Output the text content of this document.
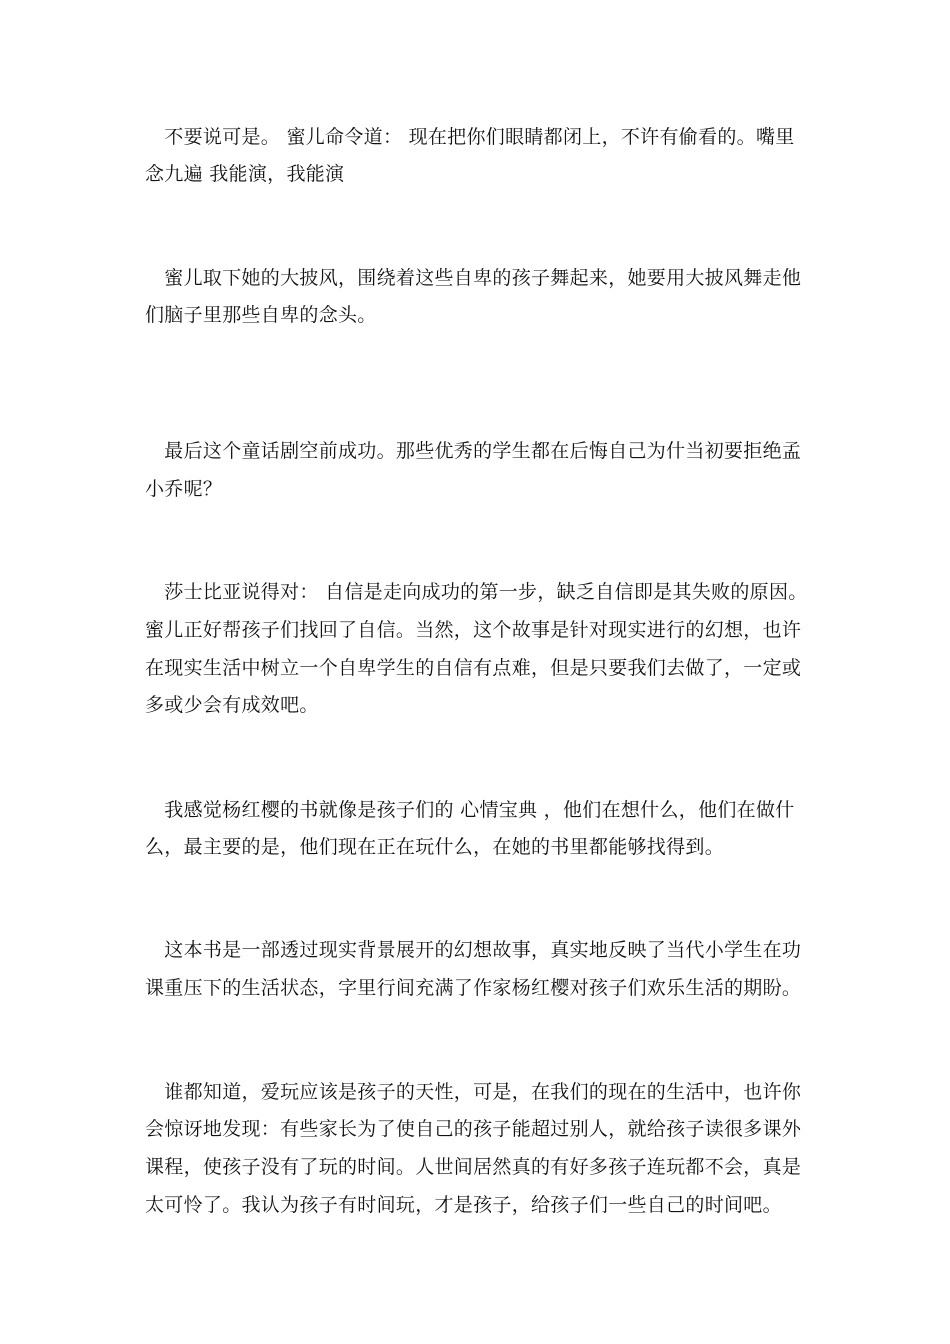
　不要说可是。 蜜儿命令道： 现在把你们眼睛都闭上，不许有偷看的。嘴里
念九遍 我能演，我能演
　蜜儿取下她的大披风，围绕着这些自卑的孩子舞起来，她要用大披风舞走他
们脑子里那些自卑的念头。
　最后这个童话剧空前成功。那些优秀的学生都在后悔自己为什当初要拒绝孟
小乔呢？
　莎士比亚说得对： 自信是走向成功的第一步，缺乏自信即是其失败的原因。
蜜儿正好帮孩子们找回了自信。当然，这个故事是针对现实进行的幻想，也许
在现实生活中树立一个自卑学生的自信有点难，但是只要我们去做了，一定或
多或少会有成效吧。
　我感觉杨红樱的书就像是孩子们的 心情宝典 ，他们在想什么，他们在做什
么，最主要的是，他们现在正在玩什么，在她的书里都能够找得到。
　这本书是一部透过现实背景展开的幻想故事，真实地反映了当代小学生在功
课重压下的生活状态，字里行间充满了作家杨红樱对孩子们欢乐生活的期盼。
　谁都知道，爱玩应该是孩子的天性，可是，在我们的现在的生活中，也许你
会惊讶地发现：有些家长为了使自己的孩子能超过别人，就给孩子读很多课外
课程，使孩子没有了玩的时间。人世间居然真的有好多孩子连玩都不会，真是
太可怜了。我认为孩子有时间玩，才是孩子，给孩子们一些自己的时间吧。
